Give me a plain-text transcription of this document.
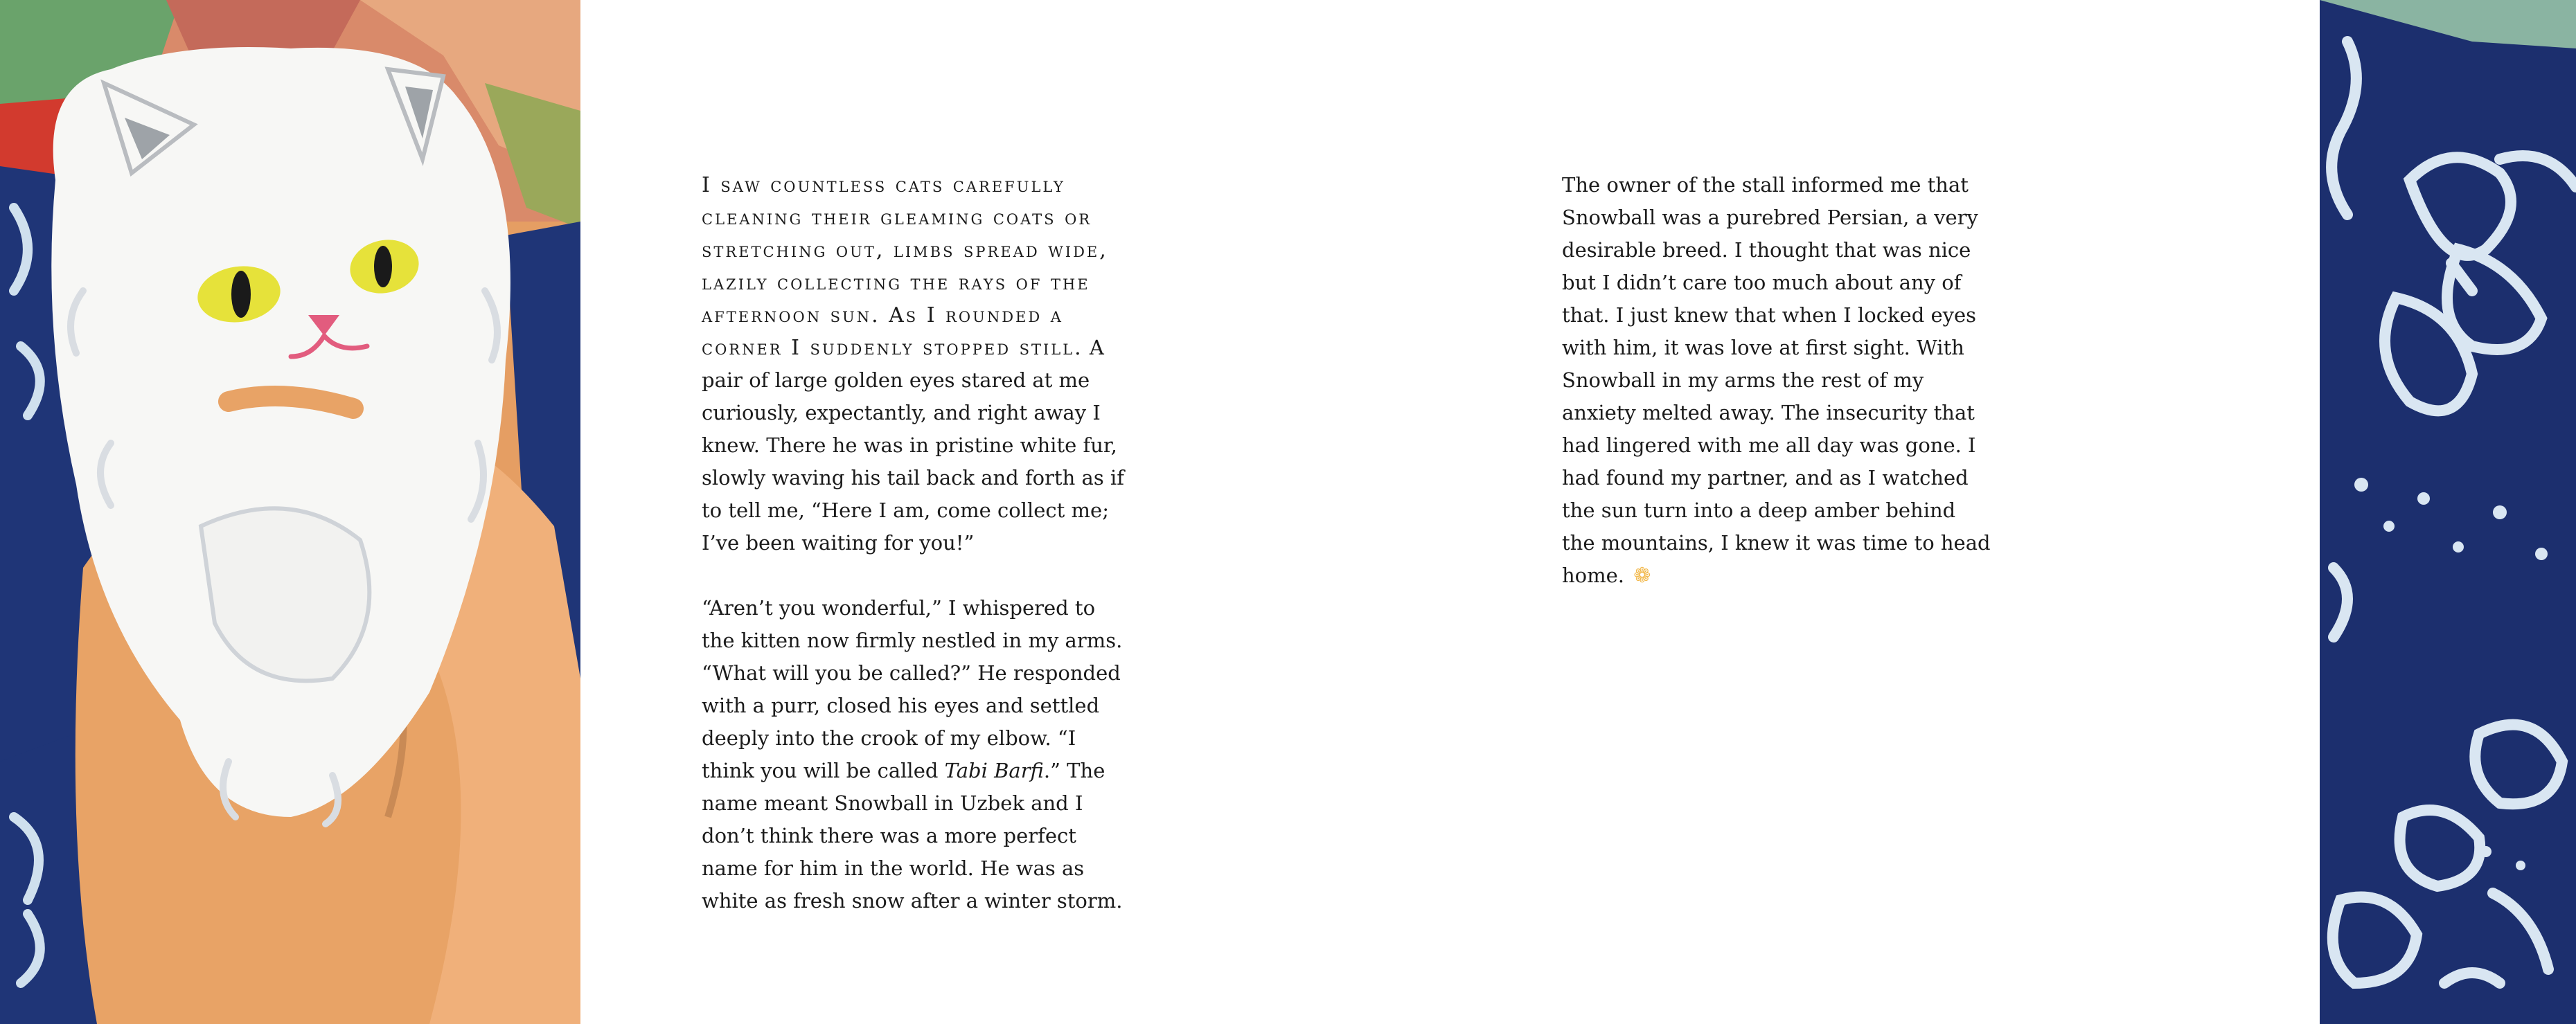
I saw countless cats carefully cleaning their gleaming coats or stretching out, limbs spread wide, lazily collecting the rays of the afternoon sun. As I rounded a corner I suddenly stopped still. A pair of large golden eyes stared at me curiously, expectantly, and right away I knew. There he was in pristine white fur, slowly waving his tail back and forth as if to tell me, “Here I am, come collect me; I’ve been waiting for you!”

“Aren’t you wonderful,” I whispered to the kitten now firmly nestled in my arms. “What will you be called?” He responded with a purr, closed his eyes and settled deeply into the crook of my elbow. “I think you will be called Tabi Barfi.” The name meant Snowball in Uzbek and I don’t think there was a more perfect name for him in the world. He was as white as fresh snow after a winter storm.

The owner of the stall informed me that Snowball was a purebred Persian, a very desirable breed. I thought that was nice but I didn’t care too much about any of that. I just knew that when I locked eyes with him, it was love at first sight. With Snowball in my arms the rest of my anxiety melted away. The insecurity that had lingered with me all day was gone. I had found my partner, and as I watched the sun turn into a deep amber behind the mountains, I knew it was time to head home. ❁
